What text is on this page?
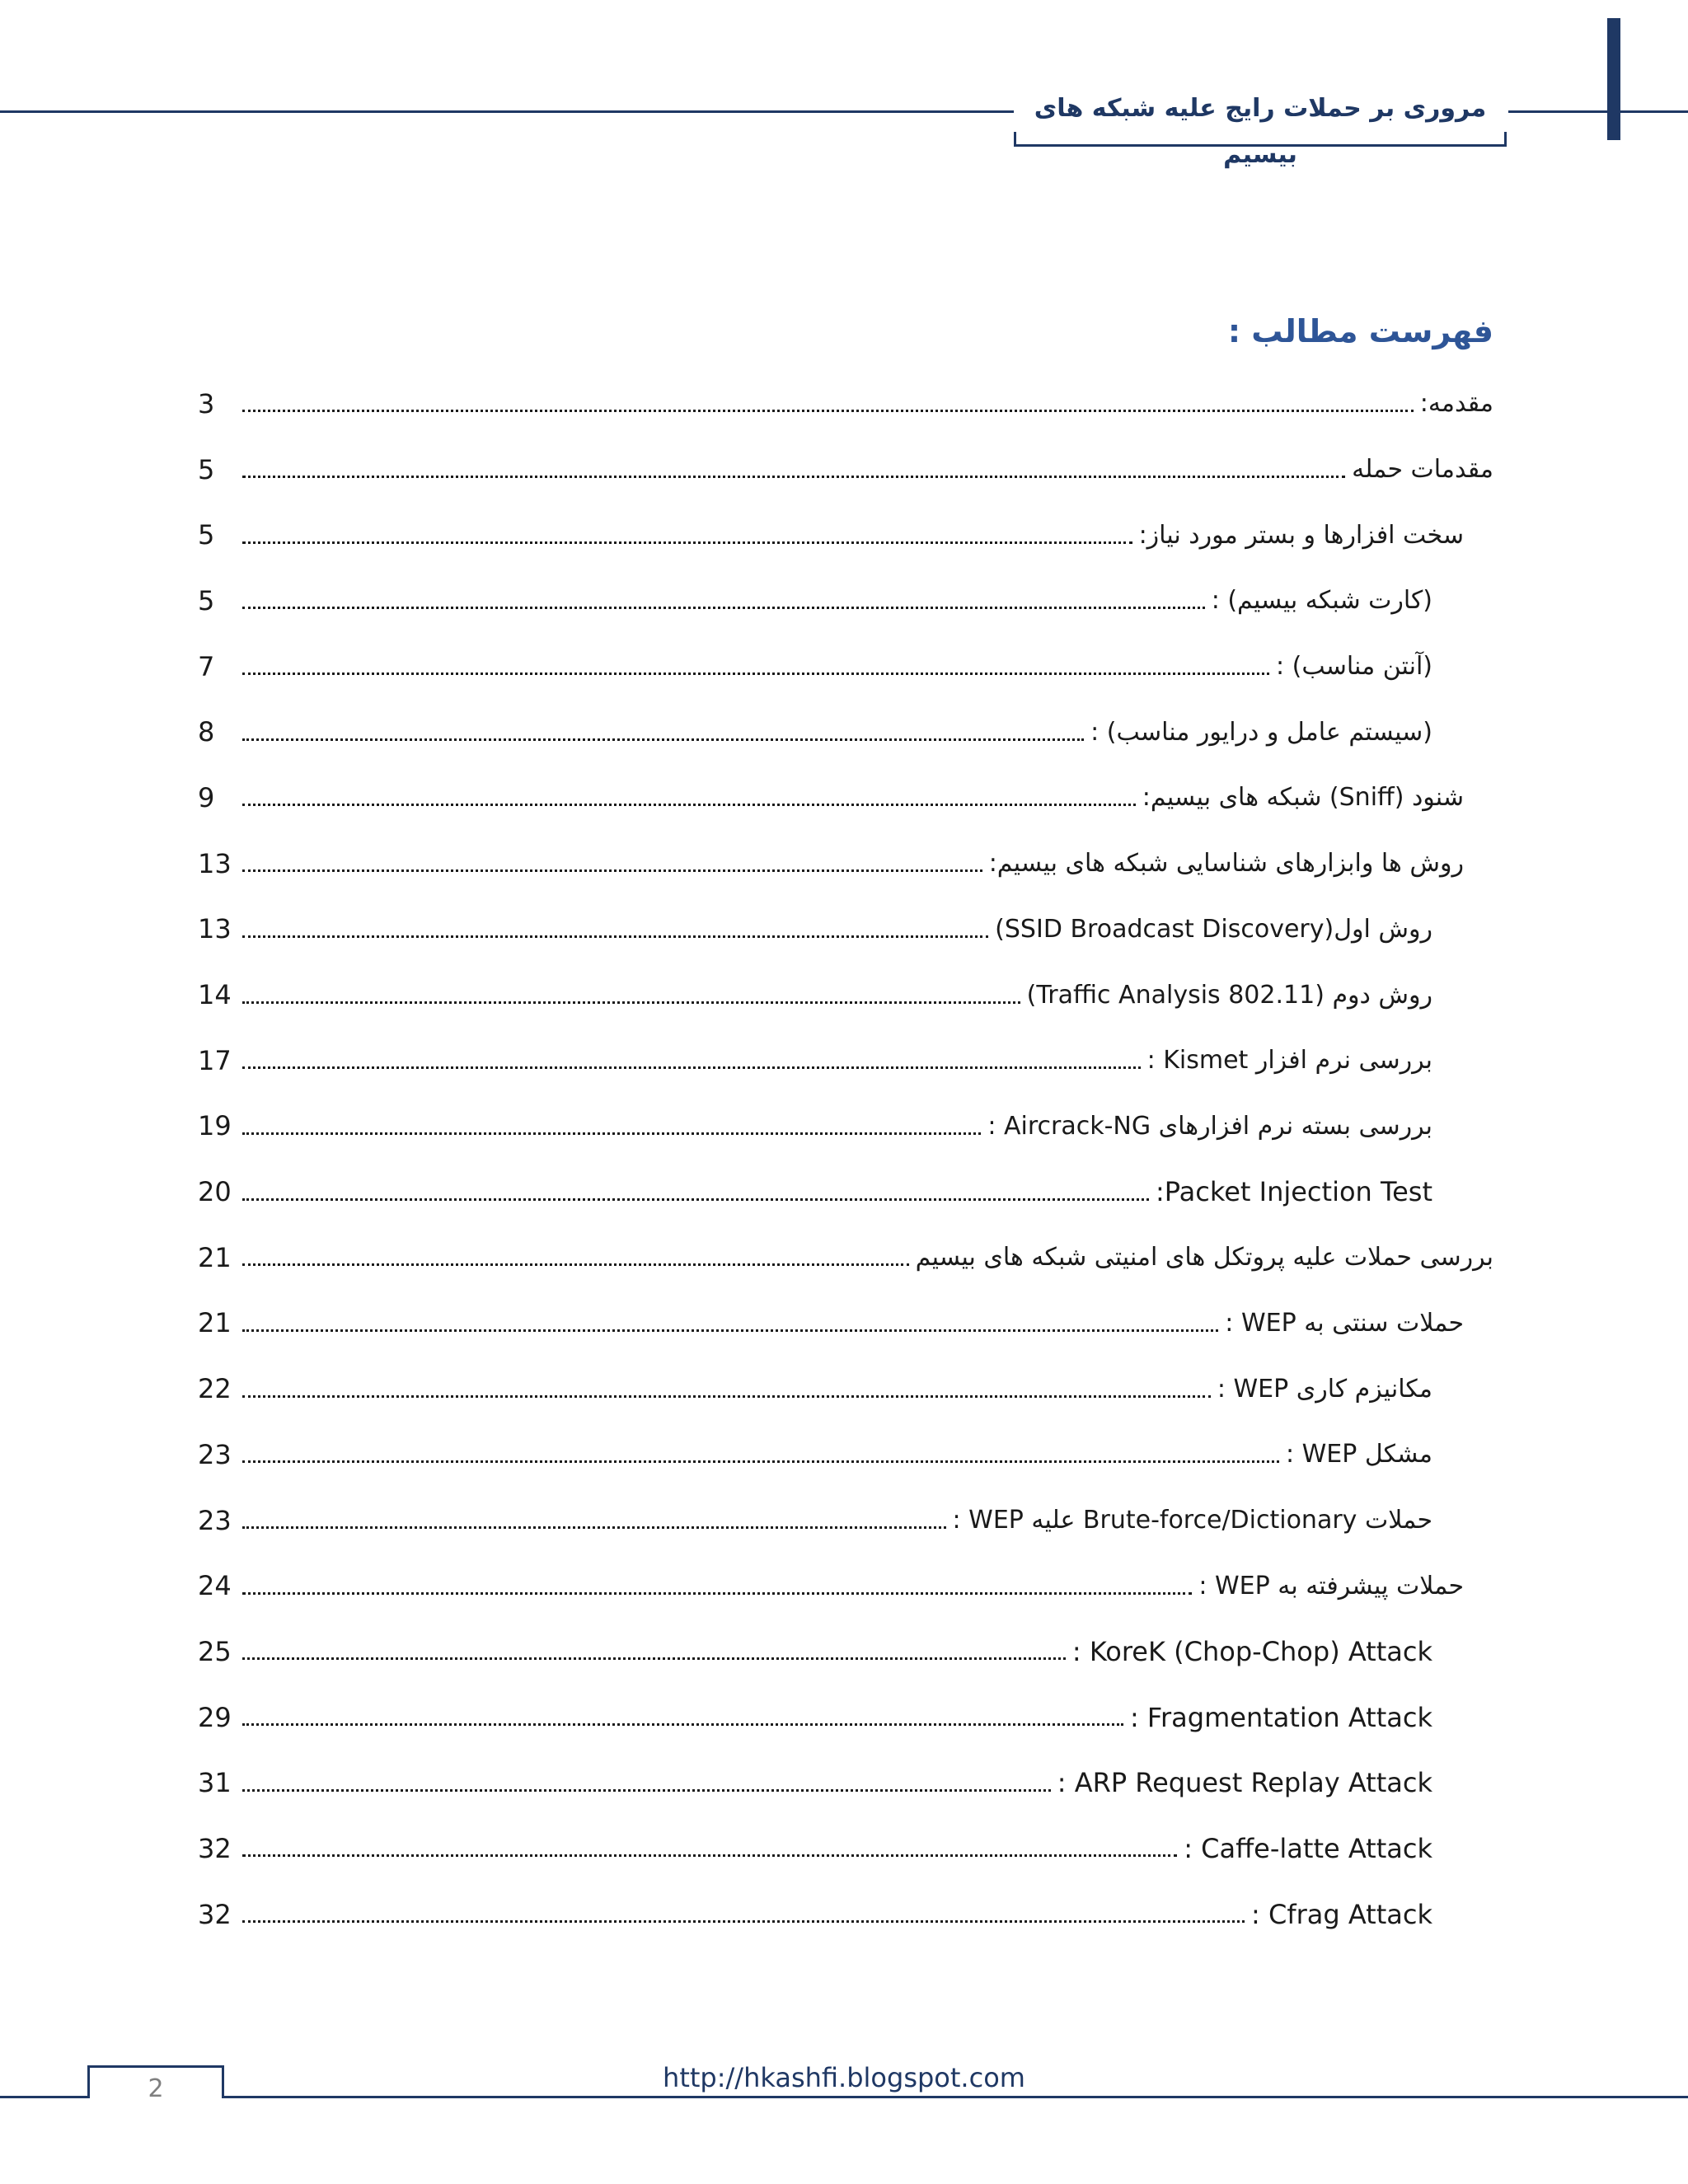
مروری بر حملات رایج علیه شبکه های بیسیم
فهرست مطالب :
مقدمه:
3
مقدمات حمله
5
سخت افزارها و بستر مورد نیاز:
5
(کارت شبکه بیسیم) :
5
(آنتن مناسب) :
7
(سیستم عامل و درایور مناسب) :
8
شنود (Sniff) شبکه های بیسیم:
9
روش ها وابزارهای شناسایی شبکه های بیسیم:
13
روش اول(SSID Broadcast Discovery)
13
روش دوم (802.11 Traffic Analysis)
14
بررسی نرم افزار Kismet :
17
بررسی بسته نرم افزارهای Aircrack-NG :
19
Packet Injection Test:
20
بررسی حملات علیه پروتکل های امنیتی شبکه های بیسیم
21
حملات سنتی به WEP :
21
مکانیزم کاری WEP :
22
مشکل WEP :
23
حملات Brute-force/Dictionary علیه WEP :
23
حملات پیشرفته به WEP :
24
KoreK (Chop-Chop) Attack :
25
Fragmentation Attack :
29
ARP Request Replay Attack :
31
Caffe-latte Attack :
32
Cfrag Attack :
32
2	http://hkashfi.blogspot.com
